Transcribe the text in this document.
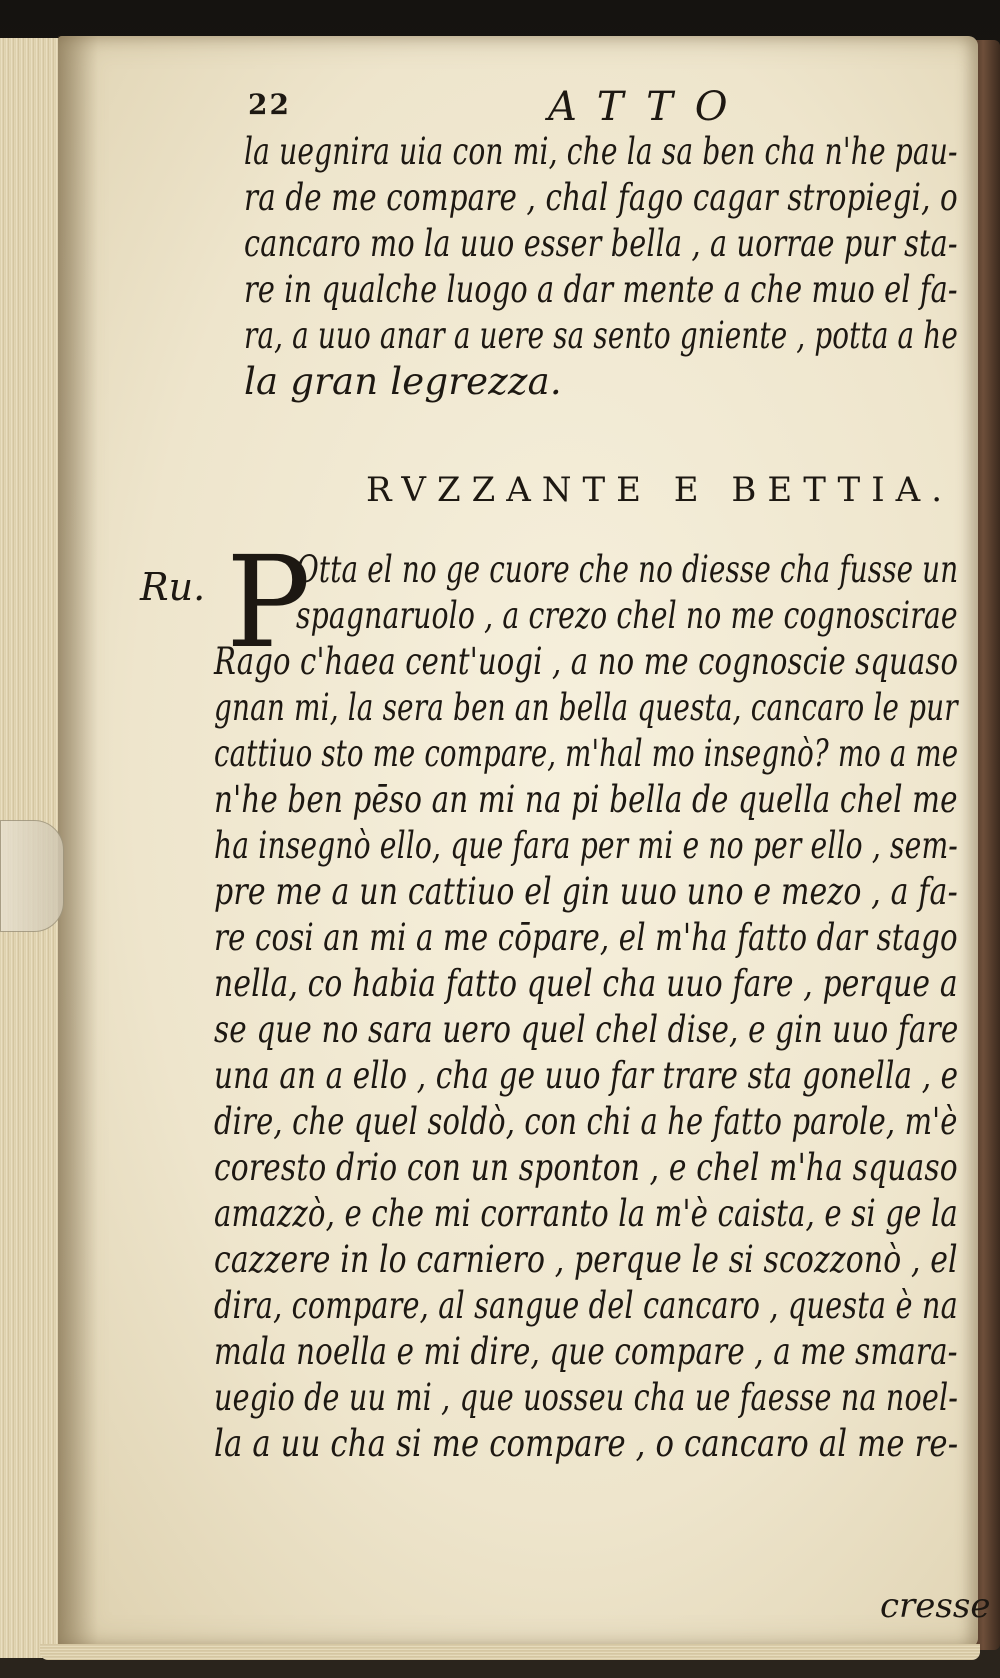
22	ATTO
la uegnira uia con mi, che la sa ben cha n'he pau-
ra de me compare , chal fago cagar stropiegi, o
cancaro mo la uuo esser bella , a uorrae pur sta-
re in qualche luogo a dar mente a che muo el fa-
ra, a uuo anar a uere sa sento gniente , potta a he
la gran legrezza.
RVZZANTE E BETTIA.
Ru. P
Otta el no ge cuore che no diesse cha fusse un
spagnaruolo , a crezo chel no me cognoscirae
Rago c'haea cent'uogi , a no me cognoscie squaso
gnan mi, la sera ben an bella questa, cancaro le pur
cattiuo sto me compare, m'hal mo insegnò? mo a me
n'he ben pēso an mi na pi bella de quella chel me
ha insegnò ello, que fara per mi e no per ello , sem-
pre me a un cattiuo el gin uuo uno e mezo , a fa-
re cosi an mi a me cōpare, el m'ha fatto dar stago
nella, co habia fatto quel cha uuo fare , perque a
se que no sara uero quel chel dise, e gin uuo fare
una an a ello , cha ge uuo far trare sta gonella , e
dire, che quel soldò, con chi a he fatto parole, m'è
coresto drio con un sponton , e chel m'ha squaso
amazzò, e che mi corranto la m'è caista, e si ge la
cazzere in lo carniero , perque le si scozzonò , el
dira, compare, al sangue del cancaro , questa è na
mala noella e mi dire, que compare , a me smara-
uegio de uu mi , que uosseu cha ue faesse na noel-
la a uu cha si me compare , o cancaro al me re-
cresse
